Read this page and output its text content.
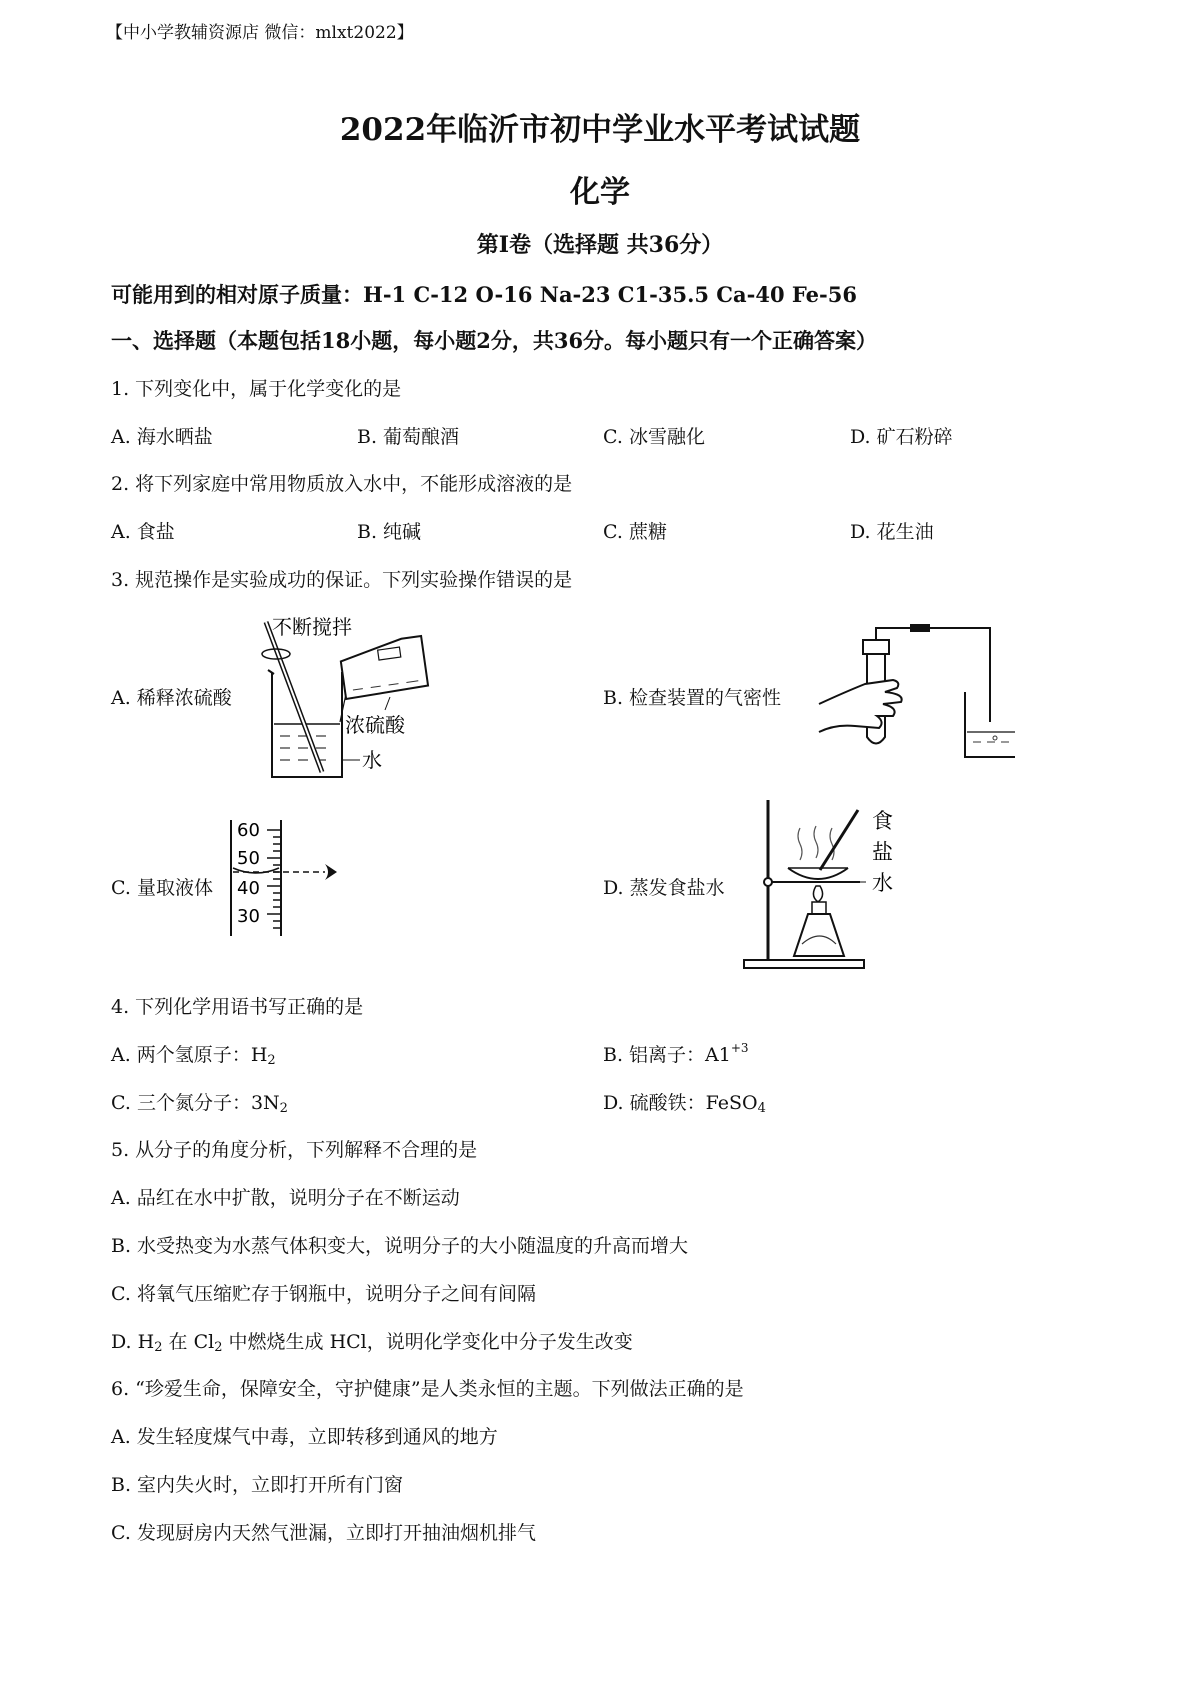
【中小学教辅资源店 微信：mlxt2022】
2022年临沂市初中学业水平考试试题
化学
第I卷（选择题 共36分）
可能用到的相对原子质量：H-1 C-12 O-16 Na-23 C1-35.5 Ca-40 Fe-56
一、选择题（本题包括18小题，每小题2分，共36分。每小题只有一个正确答案）
1. 下列变化中，属于化学变化的是
A. 海水晒盐	B. 葡萄酿酒	C. 冰雪融化	D. 矿石粉碎
2. 将下列家庭中常用物质放入水中，不能形成溶液的是
A. 食盐	B. 纯碱	C. 蔗糖	D. 花生油
3. 规范操作是实验成功的保证。下列实验操作错误的是
A. 稀释浓硫酸
不断搅拌
浓硫酸
水
B. 检查装置的气密性
C. 量取液体
60
50
40
30
D. 蒸发食盐水
食
盐
水
4. 下列化学用语书写正确的是
A. 两个氢原子：$H_2$	B. 铝离子：$A1^{+3}$
C. 三个氮分子：$3N_2$	D. 硫酸铁：FeSO$_4$
5. 从分子的角度分析，下列解释不合理的是
A. 品红在水中扩散，说明分子在不断运动
B. 水受热变为水蒸气体积变大，说明分子的大小随温度的升高而增大
C. 将氧气压缩贮存于钢瓶中，说明分子之间有间隔
D. $H_2$ 在 $Cl_2$ 中燃烧生成 HCl，说明化学变化中分子发生改变
6. “珍爱生命，保障安全，守护健康”是人类永恒的主题。下列做法正确的是
A. 发生轻度煤气中毒，立即转移到通风的地方
B. 室内失火时，立即打开所有门窗
C. 发现厨房内天然气泄漏，立即打开抽油烟机排气
